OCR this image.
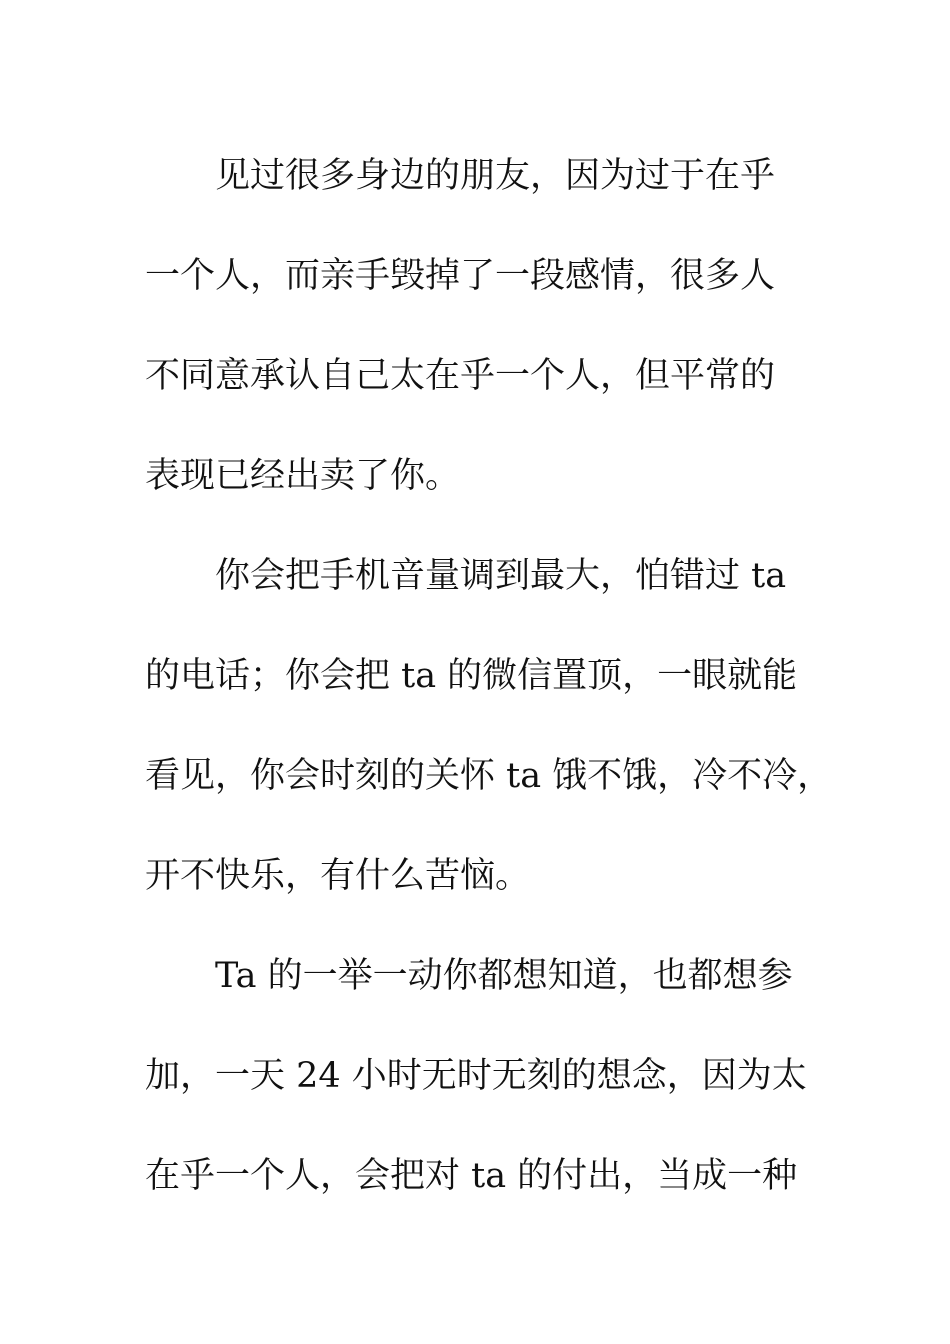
见过很多身边的朋友，因为过于在乎
一个人，而亲手毁掉了一段感情，很多人
不同意承认自己太在乎一个人，但平常的
表现已经出卖了你。
你会把手机音量调到最大，怕错过 ta
的电话；你会把 ta 的微信置顶，一眼就能
看见，你会时刻的关怀 ta 饿不饿，冷不冷，
开不快乐，有什么苦恼。
Ta 的一举一动你都想知道，也都想参
加，一天 24 小时无时无刻的想念，因为太
在乎一个人，会把对 ta 的付出，当成一种
